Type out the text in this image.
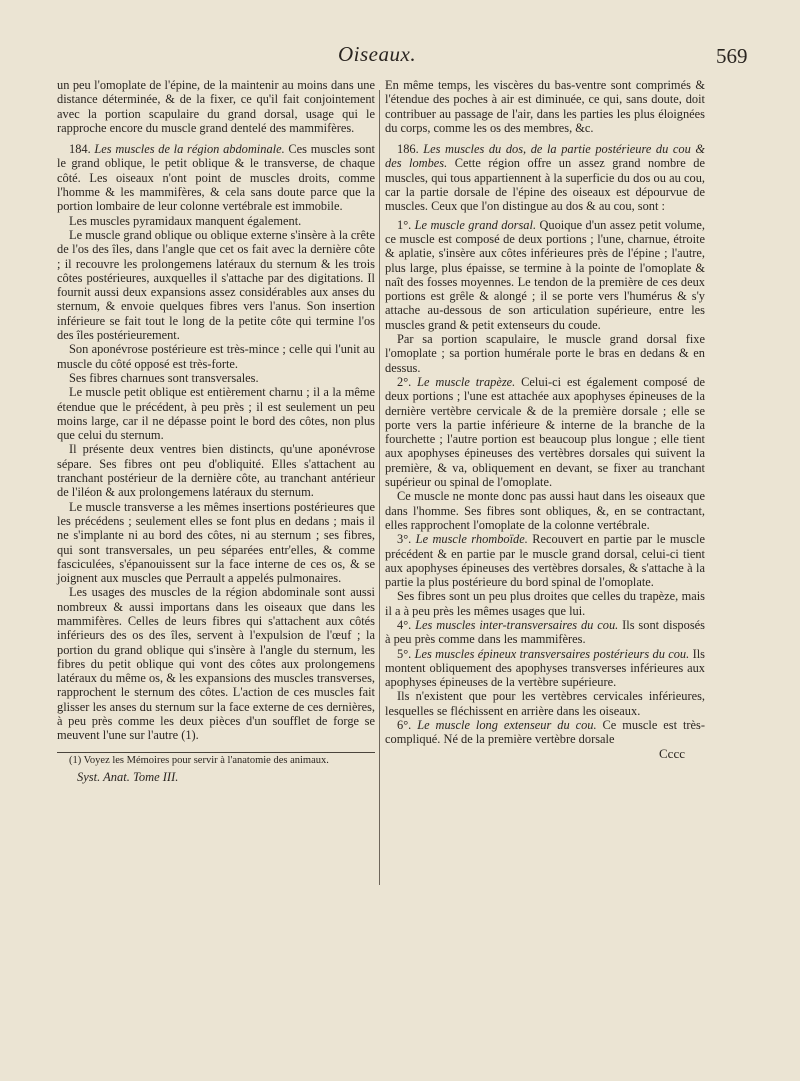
Oiseaux.	569

un peu l'omoplate de l'épine, de la maintenir au moins dans une distance déterminée, & de la fixer, ce qu'il fait conjointement avec la portion scapulaire du grand dorsal, usage qui le rapproche encore du muscle grand dentelé des mammifères.

184. Les muscles de la région abdominale. Ces muscles sont le grand oblique, le petit oblique & le transverse, de chaque côté. Les oiseaux n'ont point de muscles droits, comme l'homme & les mammifères, & cela sans doute parce que la portion lombaire de leur colonne vertébrale est immobile.

Les muscles pyramidaux manquent également.

Le muscle grand oblique ou oblique externe s'insère à la crête de l'os des îles, dans l'angle que cet os fait avec la dernière côte ; il recouvre les prolongemens latéraux du sternum & les trois côtes postérieures, auxquelles il s'attache par des digitations. Il fournit aussi deux expansions assez considérables aux anses du sternum, & envoie quelques fibres vers l'anus. Son insertion inférieure se fait tout le long de la petite côte qui termine l'os des îles postérieurement.

Son aponévrose postérieure est très-mince ; celle qui l'unit au muscle du côté opposé est très-forte.

Ses fibres charnues sont transversales.

Le muscle petit oblique est entièrement charnu ; il a la même étendue que le précédent, à peu près ; il est seulement un peu moins large, car il ne dépasse point le bord des côtes, non plus que celui du sternum.

Il présente deux ventres bien distincts, qu'une aponévrose sépare. Ses fibres ont peu d'obliquité. Elles s'attachent au tranchant postérieur de la dernière côte, au tranchant antérieur de l'iléon & aux prolongemens latéraux du sternum.

Le muscle transverse a les mêmes insertions postérieures que les précédens ; seulement elles se font plus en dedans ; mais il ne s'implante ni au bord des côtes, ni au sternum ; ses fibres, qui sont transversales, un peu séparées entr'elles, & comme fasciculées, s'épanouissent sur la face interne de ces os, & se joignent aux muscles que Perrault a appelés pulmonaires.

Les usages des muscles de la région abdominale sont aussi nombreux & aussi importans dans les oiseaux que dans les mammifères. Celles de leurs fibres qui s'attachent aux côtés inférieurs des os des îles, servent à l'expulsion de l'œuf ; la portion du grand oblique qui s'insère à l'angle du sternum, les fibres du petit oblique qui vont des côtes aux prolongemens latéraux du même os, & les expansions des muscles transverses, rapprochent le sternum des côtes. L'action de ces muscles fait glisser les anses du sternum sur la face externe de ces dernières, à peu près comme les deux pièces d'un soufflet de forge se meuvent l'une sur l'autre (1).

(1) Voyez les Mémoires pour servir à l'anatomie des animaux.

Syst. Anat. Tome III.

En même temps, les viscères du bas-ventre sont comprimés & l'étendue des poches à air est diminuée, ce qui, sans doute, doit contribuer au passage de l'air, dans les parties les plus éloignées du corps, comme les os des membres, &c.

186. Les muscles du dos, de la partie postérieure du cou & des lombes. Cette région offre un assez grand nombre de muscles, qui tous appartiennent à la superficie du dos ou au cou, car la partie dorsale de l'épine des oiseaux est dépourvue de muscles. Ceux que l'on distingue au dos & au cou, sont :

1°. Le muscle grand dorsal. Quoique d'un assez petit volume, ce muscle est composé de deux portions ; l'une, charnue, étroite & aplatie, s'insère aux côtes inférieures près de l'épine ; l'autre, plus large, plus épaisse, se termine à la pointe de l'omoplate & naît des fosses moyennes. Le tendon de la première de ces deux portions est grêle & alongé ; il se porte vers l'humérus & s'y attache au-dessous de son articulation supérieure, entre les muscles grand & petit extenseurs du coude.

Par sa portion scapulaire, le muscle grand dorsal fixe l'omoplate ; sa portion humérale porte le bras en dedans & en dessus.

2°. Le muscle trapèze. Celui-ci est également composé de deux portions ; l'une est attachée aux apophyses épineuses de la dernière vertèbre cervicale & de la première dorsale ; elle se porte vers la partie inférieure & interne de la branche de la fourchette ; l'autre portion est beaucoup plus longue ; elle tient aux apophyses épineuses des vertèbres dorsales qui suivent la première, & va, obliquement en devant, se fixer au tranchant supérieur ou spinal de l'omoplate.

Ce muscle ne monte donc pas aussi haut dans les oiseaux que dans l'homme. Ses fibres sont obliques, &, en se contractant, elles rapprochent l'omoplate de la colonne vertébrale.

3°. Le muscle rhomboïde. Recouvert en partie par le muscle précédent & en partie par le muscle grand dorsal, celui-ci tient aux apophyses épineuses des vertèbres dorsales, & s'attache à la partie la plus postérieure du bord spinal de l'omoplate.

Ses fibres sont un peu plus droites que celles du trapèze, mais il a à peu près les mêmes usages que lui.

4°. Les muscles inter-transversaires du cou. Ils sont disposés à peu près comme dans les mammifères.

5°. Les muscles épineux transversaires postérieurs du cou. Ils montent obliquement des apophyses transverses inférieures aux apophyses épineuses de la vertèbre supérieure.

Ils n'existent que pour les vertèbres cervicales inférieures, lesquelles se fléchissent en arrière dans les oiseaux.

6°. Le muscle long extenseur du cou. Ce muscle est très-compliqué. Né de la première vertèbre dorsale

Cccc
